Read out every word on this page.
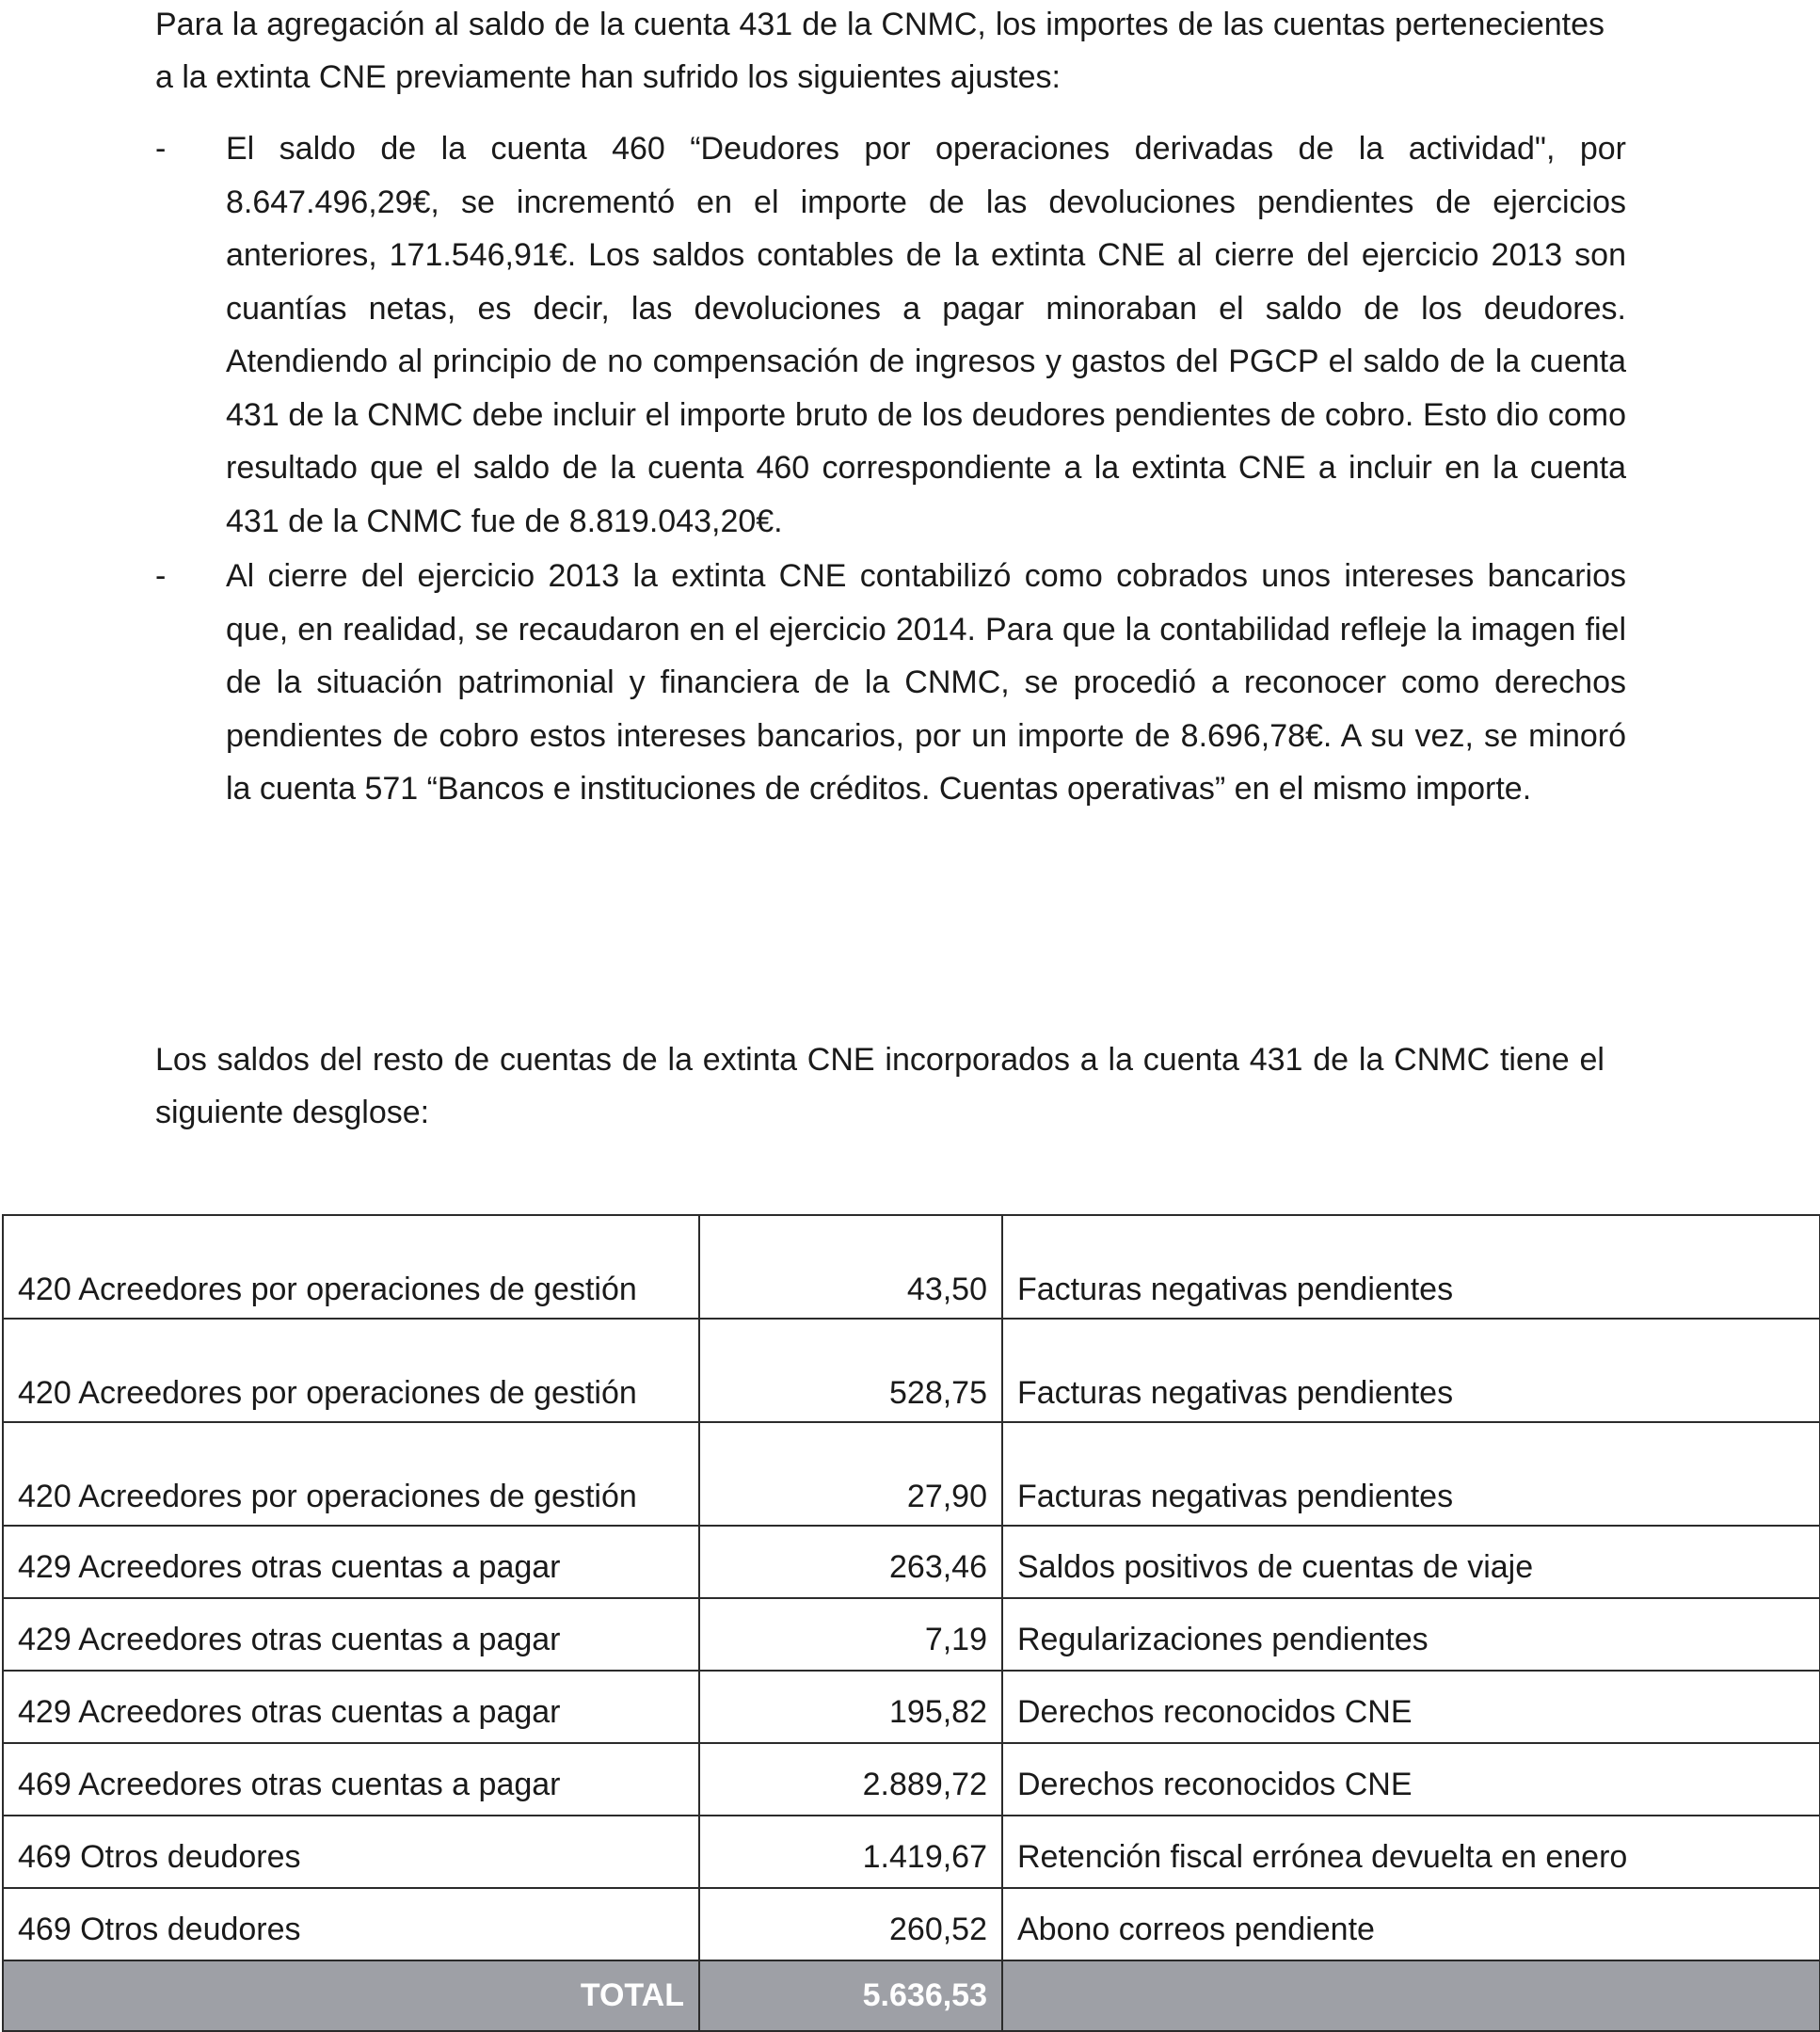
Para la agregación al saldo de la cuenta 431 de la CNMC, los importes de las cuentas pertenecientes a la extinta CNE previamente han sufrido los siguientes ajustes:

-	El saldo de la cuenta 460 “Deudores por operaciones derivadas de la actividad", por 8.647.496,29€, se incrementó en el importe de las devoluciones pendientes de ejercicios anteriores, 171.546,91€. Los saldos contables de la extinta CNE al cierre del ejercicio 2013 son cuantías netas, es decir, las devoluciones a pagar minoraban el saldo de los deudores. Atendiendo al principio de no compensación de ingresos y gastos del PGCP el saldo de la cuenta 431 de la CNMC debe incluir el importe bruto de los deudores pendientes de cobro. Esto dio como resultado que el saldo de la cuenta 460 correspondiente a la extinta CNE a incluir en la cuenta 431 de la CNMC fue de 8.819.043,20€.
-	Al cierre del ejercicio 2013 la extinta CNE contabilizó como cobrados unos intereses bancarios que, en realidad, se recaudaron en el ejercicio 2014. Para que la contabilidad refleje la imagen fiel de la situación patrimonial y financiera de la CNMC, se procedió a reconocer como derechos pendientes de cobro estos intereses bancarios, por un importe de 8.696,78€. A su vez, se minoró la cuenta 571 “Bancos e instituciones de créditos. Cuentas operativas” en el mismo importe.

Los saldos del resto de cuentas de la extinta CNE incorporados a la cuenta 431 de la CNMC tiene el siguiente desglose:

420 Acreedores por operaciones de gestión	43,50	Facturas negativas pendientes
420 Acreedores por operaciones de gestión	528,75	Facturas negativas pendientes
420 Acreedores por operaciones de gestión	27,90	Facturas negativas pendientes
429 Acreedores otras cuentas a pagar	263,46	Saldos positivos de cuentas de viaje
429 Acreedores otras cuentas a pagar	7,19	Regularizaciones pendientes
429 Acreedores otras cuentas a pagar	195,82	Derechos reconocidos CNE
469 Acreedores otras cuentas a pagar	2.889,72	Derechos reconocidos CNE
469 Otros deudores	1.419,67	Retención fiscal errónea devuelta en enero
469 Otros deudores	260,52	Abono correos pendiente
TOTAL	5.636,53	
